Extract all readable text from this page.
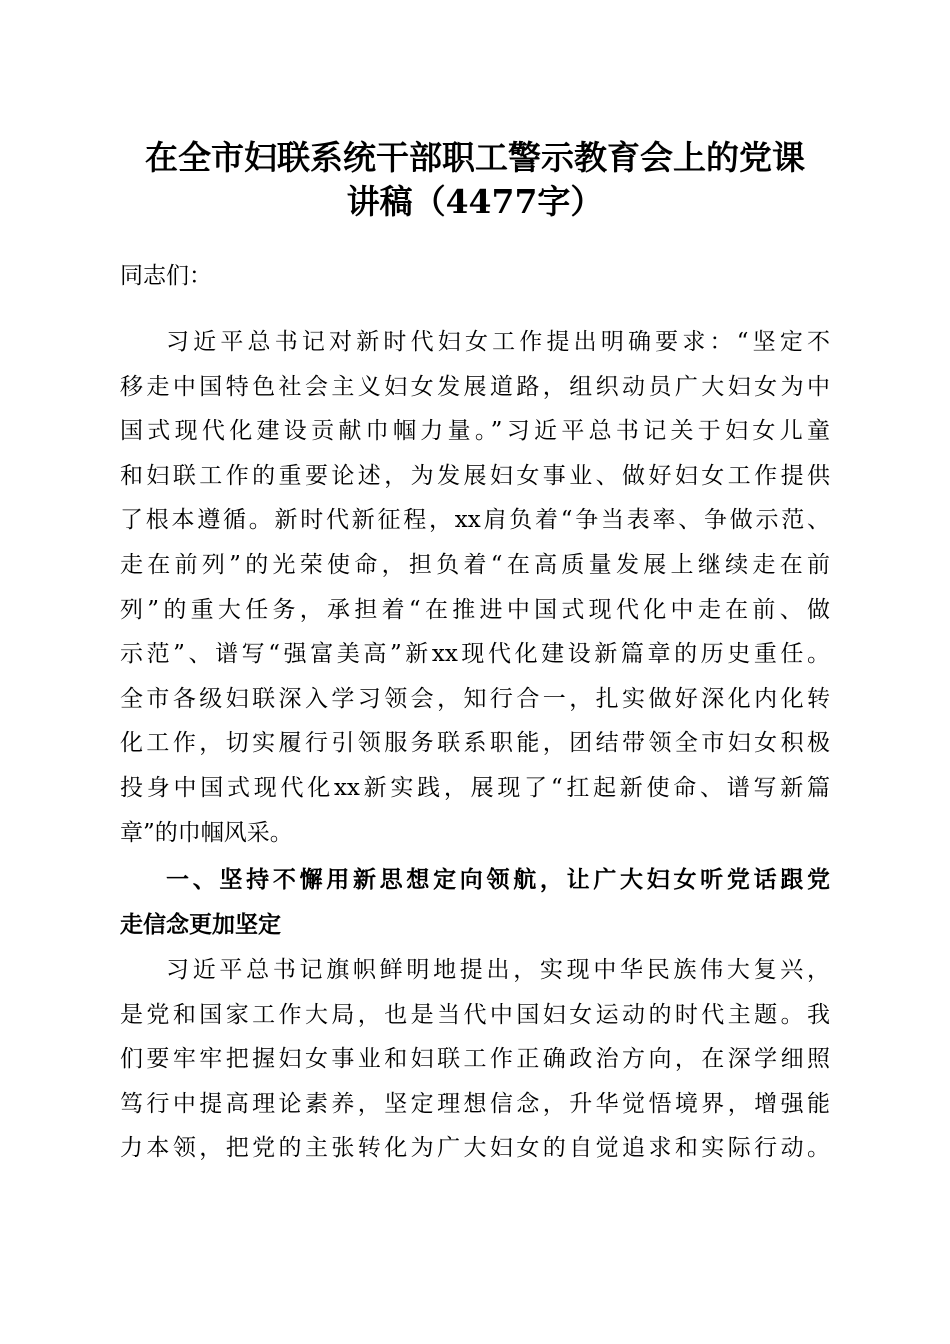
在全市妇联系统干部职工警示教育会上的党课
讲稿（4477字）

同志们：

习近平总书记对新时代妇女工作提出明确要求：“坚定不
移走中国特色社会主义妇女发展道路，组织动员广大妇女为中
国式现代化建设贡献巾帼力量。”习近平总书记关于妇女儿童
和妇联工作的重要论述，为发展妇女事业、做好妇女工作提供
了根本遵循。新时代新征程，xx肩负着“争当表率、争做示范、
走在前列”的光荣使命，担负着“在高质量发展上继续走在前
列”的重大任务，承担着“在推进中国式现代化中走在前、做
示范”、谱写“强富美高”新xx现代化建设新篇章的历史重任。
全市各级妇联深入学习领会，知行合一，扎实做好深化内化转
化工作，切实履行引领服务联系职能，团结带领全市妇女积极
投身中国式现代化xx新实践，展现了“扛起新使命、谱写新篇
章”的巾帼风采。
一、坚持不懈用新思想定向领航，让广大妇女听党话跟党
走信念更加坚定
习近平总书记旗帜鲜明地提出，实现中华民族伟大复兴，
是党和国家工作大局，也是当代中国妇女运动的时代主题。我
们要牢牢把握妇女事业和妇联工作正确政治方向，在深学细照
笃行中提高理论素养，坚定理想信念，升华觉悟境界，增强能
力本领，把党的主张转化为广大妇女的自觉追求和实际行动。
